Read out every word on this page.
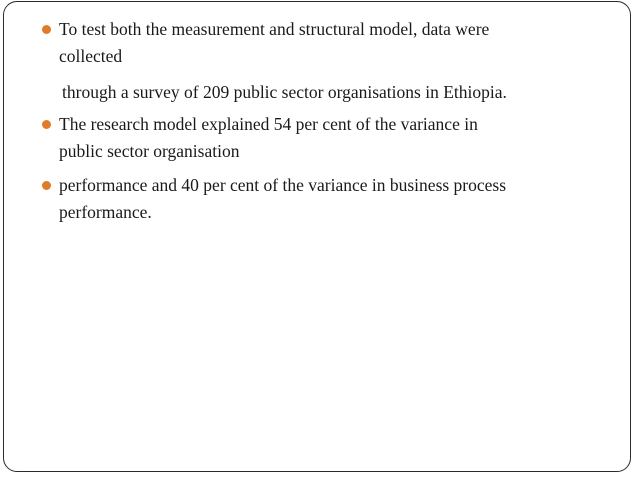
To test both the measurement and structural model, data were
collected
through a survey of 209 public sector organisations in Ethiopia.
The research model explained 54 per cent of the variance in
public sector organisation
performance and 40 per cent of the variance in business process
performance.
